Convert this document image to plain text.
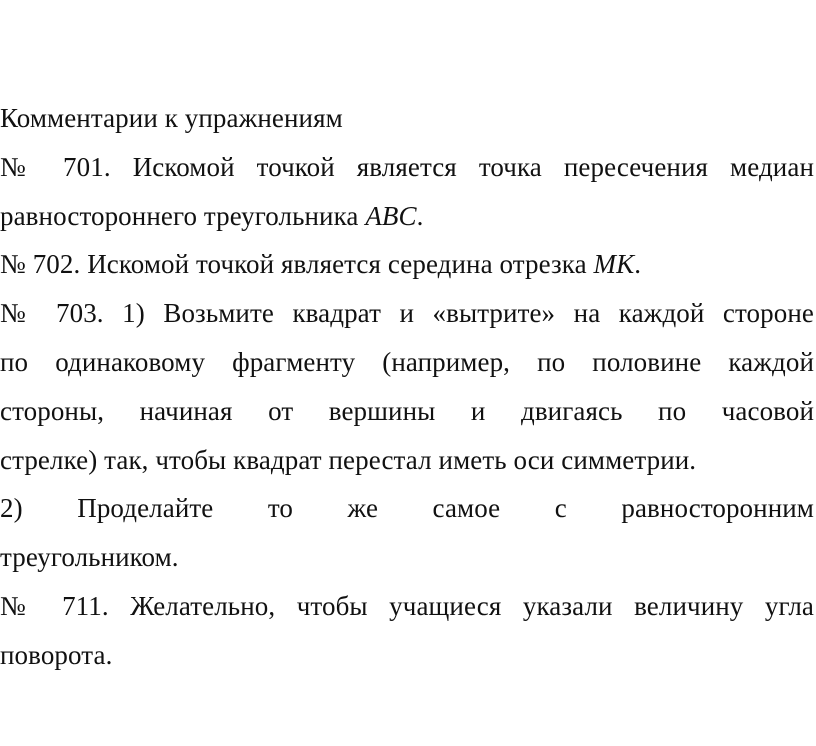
Комментарии к упражнениям
№ 701. Искомой точкой является точка пересечения медиан
равностороннего треугольника ABC.
№ 702. Искомой точкой является середина отрезка MK.
№ 703. 1) Возьмите квадрат и «вытрите» на каждой стороне
по одинаковому фрагменту (например, по половине каждой
стороны, начиная от вершины и двигаясь по часовой
стрелке) так, чтобы квадрат перестал иметь оси симметрии.
2) Проделайте то же самое с равносторонним
треугольником.
№ 711. Желательно, чтобы учащиеся указали величину угла
поворота.
